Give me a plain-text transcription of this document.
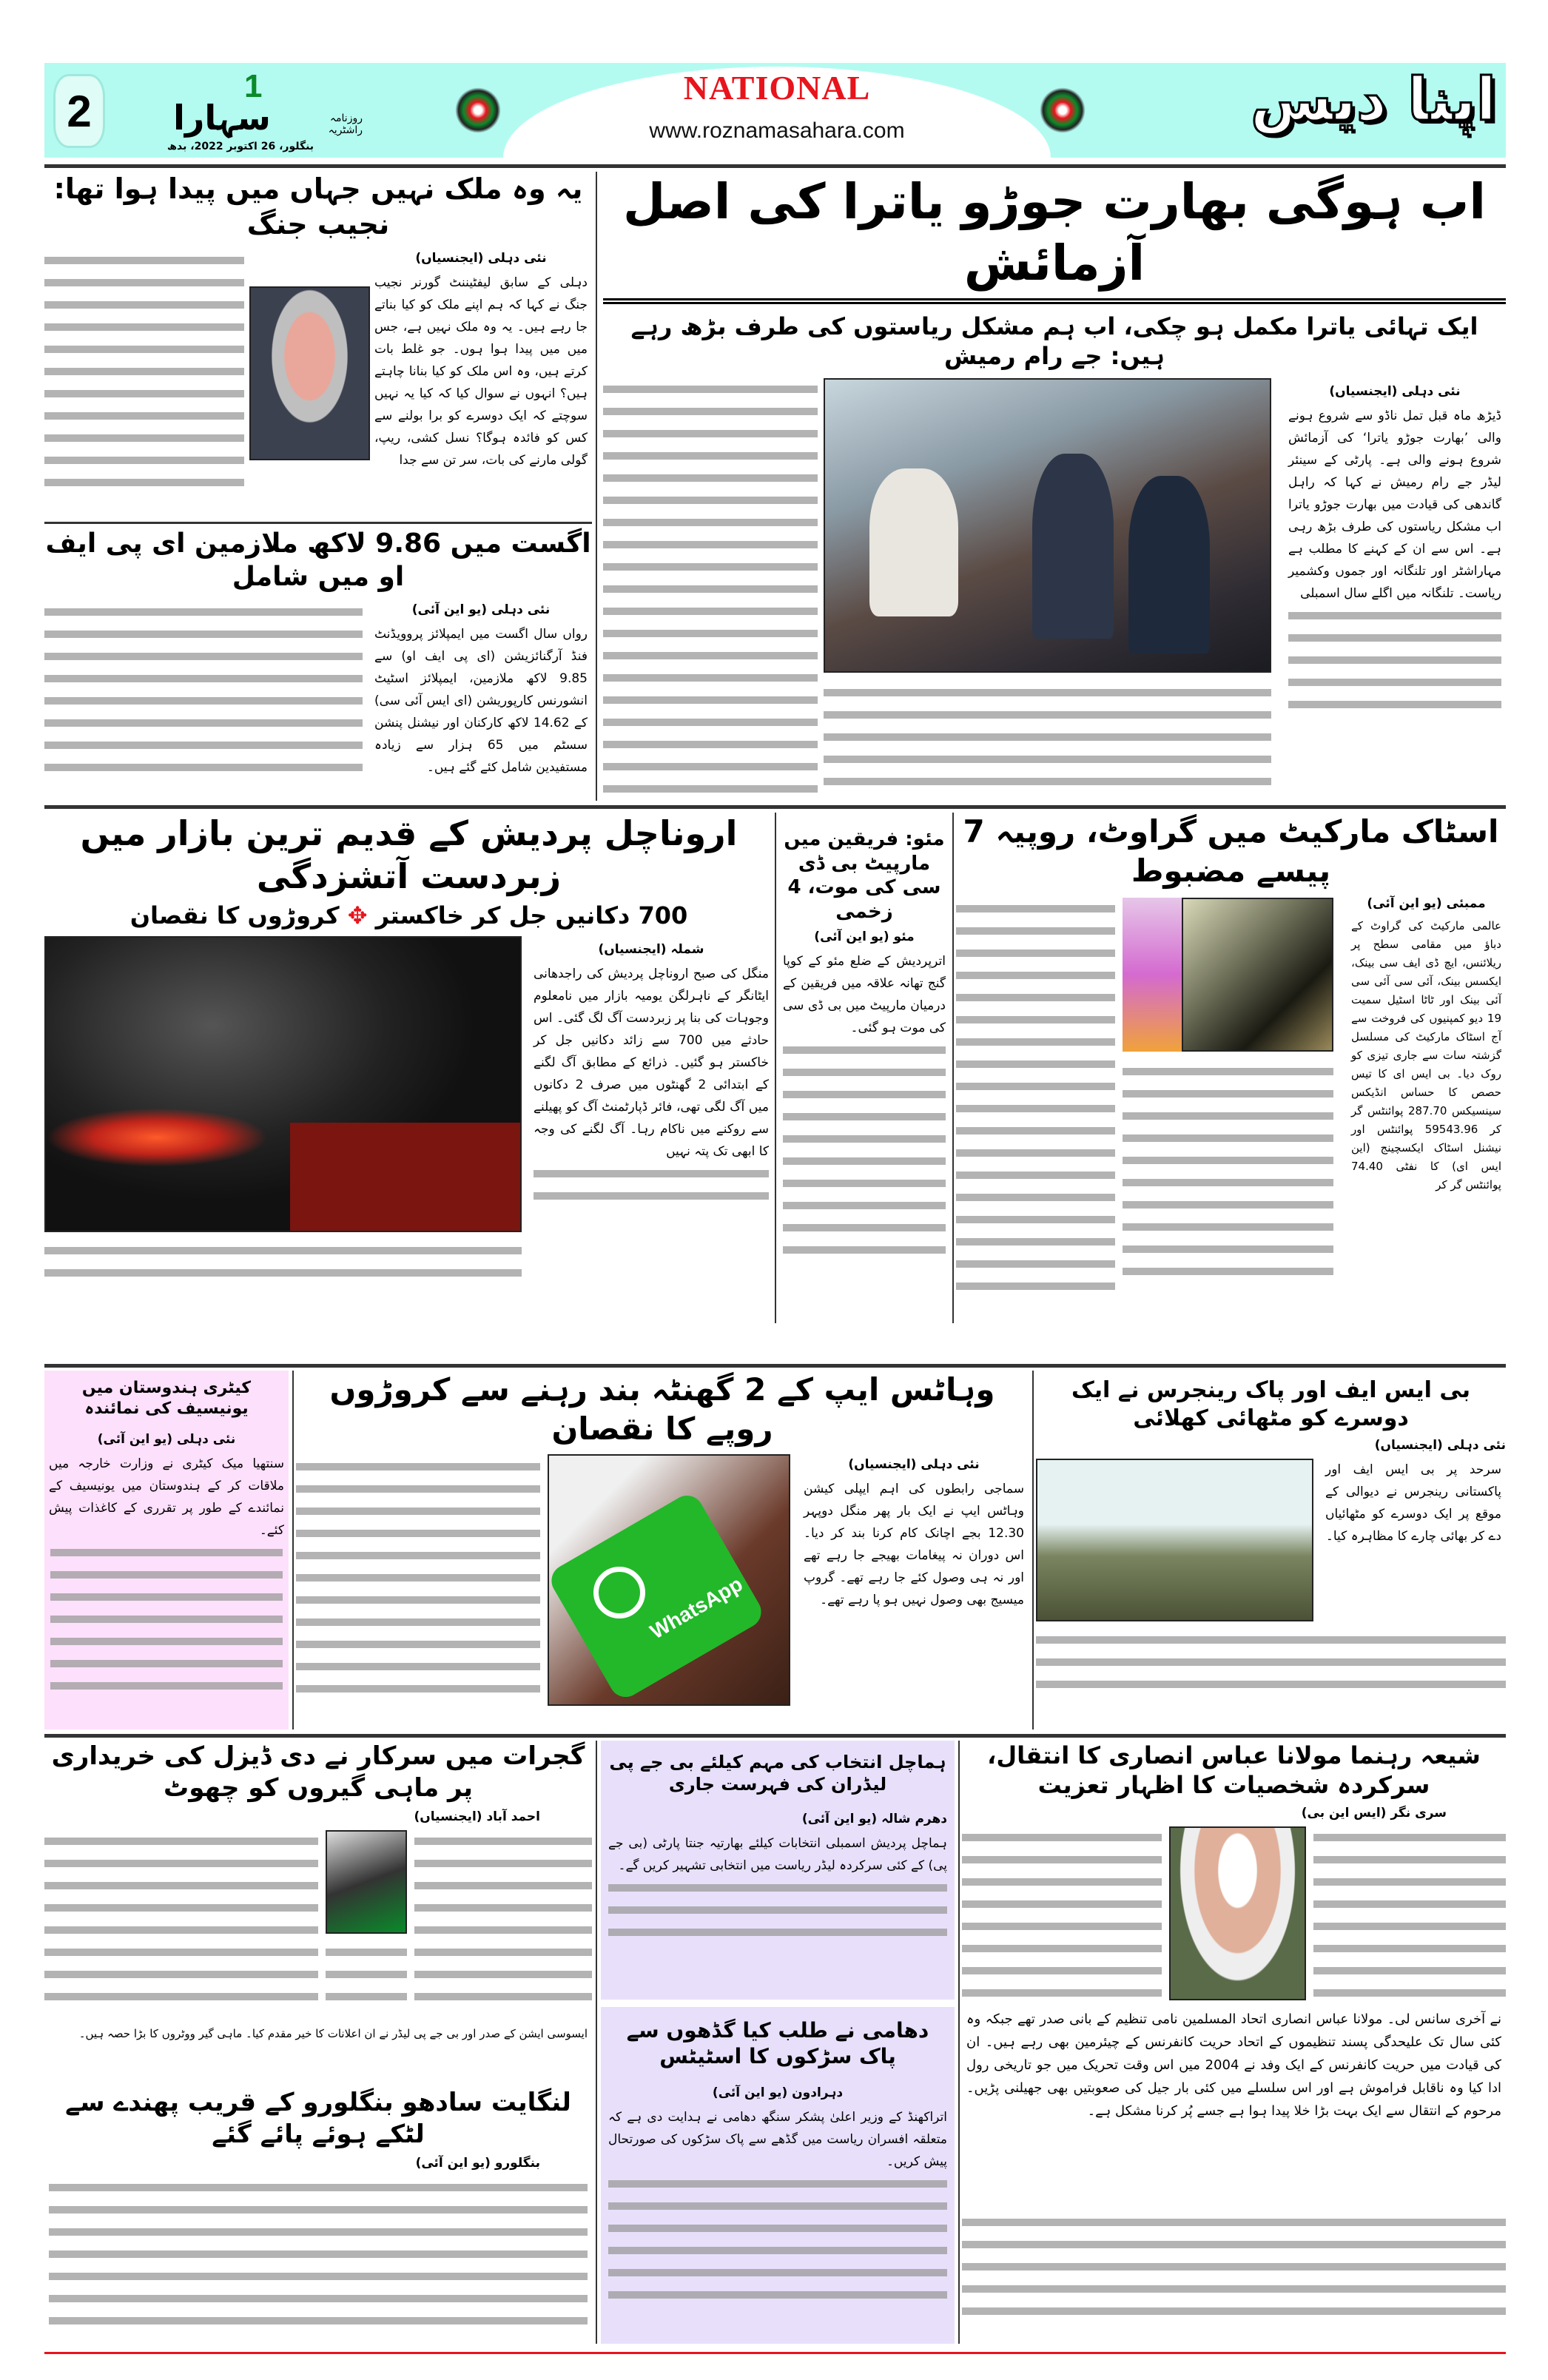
2
1
روزنامہ راشٹریہ
سہارا
بنگلور، 26 اکتوبر 2022، بدھ
NATIONAL
www.roznamasahara.com	اپنا دیس
اب ہوگی بھارت جوڑو یاترا کی اصل آزمائش
ایک تہائی یاترا مکمل ہو چکی، اب ہم مشکل ریاستوں کی طرف بڑھ رہے ہیں: جے رام رمیش
نئی دہلی (ایجنسیاں)
ڈیڑھ ماہ قبل تمل ناڈو سے شروع ہونے والی ’بھارت جوڑو یاترا‘ کی آزمائش شروع ہونے والی ہے۔ پارٹی کے سینئر لیڈر جے رام رمیش نے کہا کہ راہل گاندھی کی قیادت میں بھارت جوڑو یاترا اب مشکل ریاستوں کی طرف بڑھ رہی ہے۔ اس سے ان کے کہنے کا مطلب ہے مہاراشٹر اور تلنگانہ اور جموں وکشمیر ریاست۔ تلنگانہ میں اگلے سال اسمبلی
یہ وہ ملک نہیں جہاں میں پیدا ہوا تھا: نجیب جنگ
نئی دہلی (ایجنسیاں)
دہلی کے سابق لیفٹیننٹ گورنر نجیب جنگ نے کہا کہ ہم اپنے ملک کو کیا بناتے جا رہے ہیں۔ یہ وہ ملک نہیں ہے، جس میں میں پیدا ہوا ہوں۔ جو غلط بات کرتے ہیں، وہ اس ملک کو کیا بنانا چاہتے ہیں؟ انہوں نے سوال کیا کہ کیا یہ نہیں سوچتے کہ ایک دوسرے کو برا بولنے سے کس کو فائدہ ہوگا؟ نسل کشی، ریپ، گولی مارنے کی بات، سر تن سے جدا
اگست میں 9.86 لاکھ ملازمین ای پی ایف او میں شامل
نئی دہلی (یو این آئی)
رواں سال اگست میں ایمپلائز پروویڈنٹ فنڈ آرگنائزیشن (ای پی ایف او) سے 9.85 لاکھ ملازمین، ایمپلائز اسٹیٹ انشورنس کارپوریشن (ای ایس آئی سی) کے 14.62 لاکھ کارکنان اور نیشنل پنشن سسٹم میں 65 ہزار سے زیادہ مستفیدین شامل کئے گئے ہیں۔
اروناچل پردیش کے قدیم ترین بازار میں زبردست آتشزدگی
700 دکانیں جل کر خاکستر ✥ کروڑوں کا نقصان
شملہ (ایجنسیاں)
منگل کی صبح اروناچل پردیش کی راجدھانی ایٹانگر کے ناہرلگن یومیہ بازار میں نامعلوم وجوہات کی بنا پر زبردست آگ لگ گئی۔ اس حادثے میں 700 سے زائد دکانیں جل کر خاکستر ہو گئیں۔ ذرائع کے مطابق آگ لگنے کے ابتدائی 2 گھنٹوں میں صرف 2 دکانوں میں آگ لگی تھی، فائر ڈپارٹمنٹ آگ کو پھیلنے سے روکنے میں ناکام رہا۔ آگ لگنے کی وجہ کا ابھی تک پتہ نہیں
مئو: فریقین میں مارپیٹ بی ڈی سی کی موت، 4 زخمی
مئو (یو این آئی)
اترپردیش کے ضلع مئو کے کوپا گنج تھانہ علاقہ میں فریقین کے درمیان مارپیٹ میں بی ڈی سی کی موت ہو گئی۔
اسٹاک مارکیٹ میں گراوٹ، روپیہ 7 پیسے مضبوط
ممبئی (یو این آئی)
عالمی مارکیٹ کی گراوٹ کے دباؤ میں مقامی سطح پر ریلائنس، ایچ ڈی ایف سی بینک، ایکسس بینک، آئی سی آئی سی آئی بینک اور ٹاٹا اسٹیل سمیت 19 دیو کمپنیوں کی فروخت سے آج اسٹاک مارکیٹ کی مسلسل گزشتہ سات سے جاری تیزی کو روک دیا۔ بی ایس ای کا تیس حصص کا حساس انڈیکس سینسیکس 287.70 پوائنٹس گر کر 59543.96 پوائنٹس اور نیشنل اسٹاک ایکسچینج (این ایس ای) کا نفٹی 74.40 پوائنٹس گر کر
کیٹری ہندوستان میں یونیسیف کی نمائندہ
نئی دہلی (یو این آئی)
سنتھیا میک کیٹری نے وزارت خارجہ میں ملاقات کر کے ہندوستان میں یونیسیف کے نمائندے کے طور پر تقرری کے کاغذات پیش کئے۔
وہاٹس ایپ کے 2 گھنٹہ بند رہنے سے کروڑوں روپے کا نقصان
نئی دہلی (ایجنسیاں)
سماجی رابطوں کی اہم ایپلی کیشن وہاٹس ایپ نے ایک بار پھر منگل دوپہر 12.30 بجے اچانک کام کرنا بند کر دیا۔ اس دوران نہ پیغامات بھیجے جا رہے تھے اور نہ ہی وصول کئے جا رہے تھے۔ گروپ میسیج بھی وصول نہیں ہو پا رہے تھے۔
WhatsApp
بی ایس ایف اور پاک رینجرس نے ایک دوسرے کو مٹھائی کھلائی
نئی دہلی (ایجنسیاں)
سرحد پر بی ایس ایف اور پاکستانی رینجرس نے دیوالی کے موقع پر ایک دوسرے کو مٹھائیاں دے کر بھائی چارے کا مظاہرہ کیا۔
گجرات میں سرکار نے دی ڈیزل کی خریداری پر ماہی گیروں کو چھوٹ
احمد آباد (ایجنسیاں)
ایسوسی ایشن کے صدر اور بی جے پی لیڈر نے ان اعلانات کا خیر مقدم کیا۔ ماہی گیر ووٹروں کا بڑا حصہ ہیں۔
لنگایت سادھو بنگلورو کے قریب پھندے سے لٹکے ہوئے پائے گئے
بنگلورو (یو این آئی)
ہماچل انتخاب کی مہم کیلئے بی جے پی لیڈران کی فہرست جاری
دھرم شالہ (یو این آئی)
ہماچل پردیش اسمبلی انتخابات کیلئے بھارتیہ جنتا پارٹی (بی جے پی) کے کئی سرکردہ لیڈر ریاست میں انتخابی تشہیر کریں گے۔
دھامی نے طلب کیا گڈھوں سے پاک سڑکوں کا اسٹیٹس
دہرادون (یو این آئی)
اتراکھنڈ کے وزیر اعلیٰ پشکر سنگھ دھامی نے ہدایت دی ہے کہ متعلقہ افسران ریاست میں گڈھے سے پاک سڑکوں کی صورتحال پیش کریں۔
شیعہ رہنما مولانا عباس انصاری کا انتقال، سرکردہ شخصیات کا اظہار تعزیت
سری نگر (ایس این بی)
نے آخری سانس لی۔ مولانا عباس انصاری اتحاد المسلمین نامی تنظیم کے بانی صدر تھے جبکہ وہ کئی سال تک علیحدگی پسند تنظیموں کے اتحاد حریت کانفرنس کے چیئرمین بھی رہے ہیں۔ ان کی قیادت میں حریت کانفرنس کے ایک وفد نے 2004 میں اس وقت تحریک میں جو تاریخی رول ادا کیا وہ ناقابل فراموش ہے اور اس سلسلے میں کئی بار جیل کی صعوبتیں بھی جھیلنی پڑیں۔ مرحوم کے انتقال سے ایک بہت بڑا خلا پیدا ہوا ہے جسے پُر کرنا مشکل ہے۔
